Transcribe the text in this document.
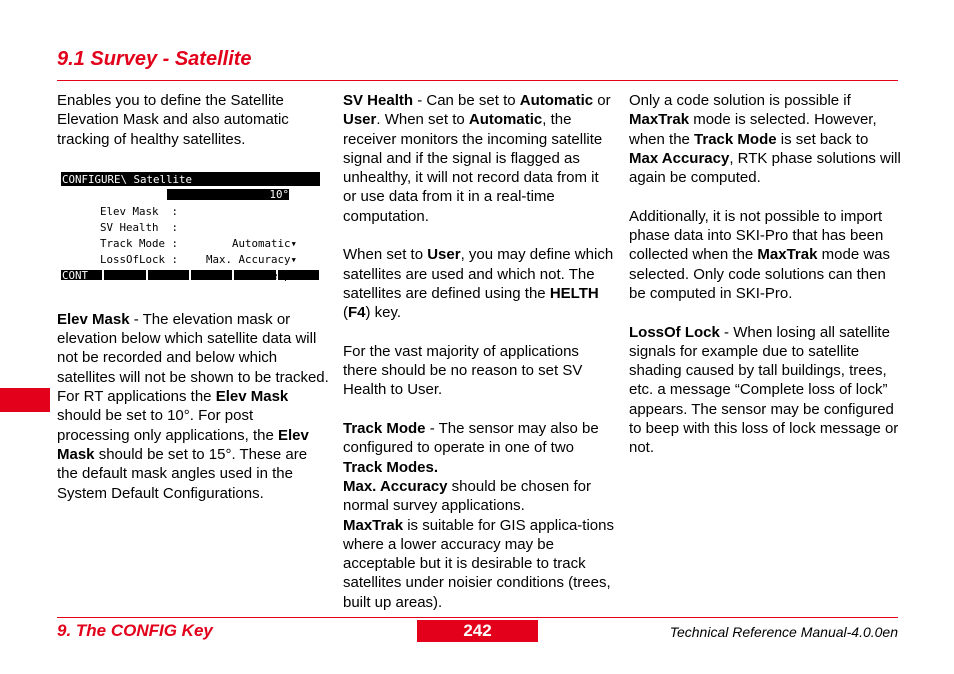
9.1 Survey - Satellite

Enables you to define the Satellite Elevation Mask and also automatic tracking of healthy satellites.

CONFIGURE\ Satellite

Elev Mask  :

10°

SV Health  :

Automatic▾

Track Mode :

Max. Accuracy▾

LossOfLock :

CONT

Elev Mask - The elevation mask or elevation below which satellite data will not be recorded and below which satellites will not be shown to be tracked. For RT applications the Elev Mask should be set to 10°. For post processing only applications, the Elev Mask should be set to 15°. These are the default mask angles used in the System Default Configurations.

SV Health - Can be set to Automatic or User. When set to Automatic, the receiver monitors the incoming satellite signal and if the signal is flagged as unhealthy, it will not record data from it or use data from it in a real-time computation.

When set to User, you may define which satellites are used and which not. The satellites are defined using the HELTH (F4) key.

For the vast majority of applications there should be no reason to set SV Health to User.

Track Mode - The sensor may also be configured to operate in one of two Track Modes.

Max. Accuracy should be chosen for normal survey applications.

MaxTrak is suitable for GIS applica-tions where a lower accuracy may be acceptable but it is desirable to track satellites under noisier conditions (trees, built up areas).

Only a code solution is possible if MaxTrak mode is selected. However, when the Track Mode is set back to Max Accuracy, RTK phase solutions will again be computed.

Additionally, it is not possible to import phase data into SKI-Pro that has been collected when the MaxTrak mode was selected. Only code solutions can then be computed in SKI-Pro.

LossOf Lock - When losing all satellite signals for example due to satellite shading caused by tall buildings, trees, etc. a message “Complete loss of lock” appears. The sensor may be configured to beep with this loss of lock message or not.

9. The CONFIG Key	242	Technical Reference Manual-4.0.0en
